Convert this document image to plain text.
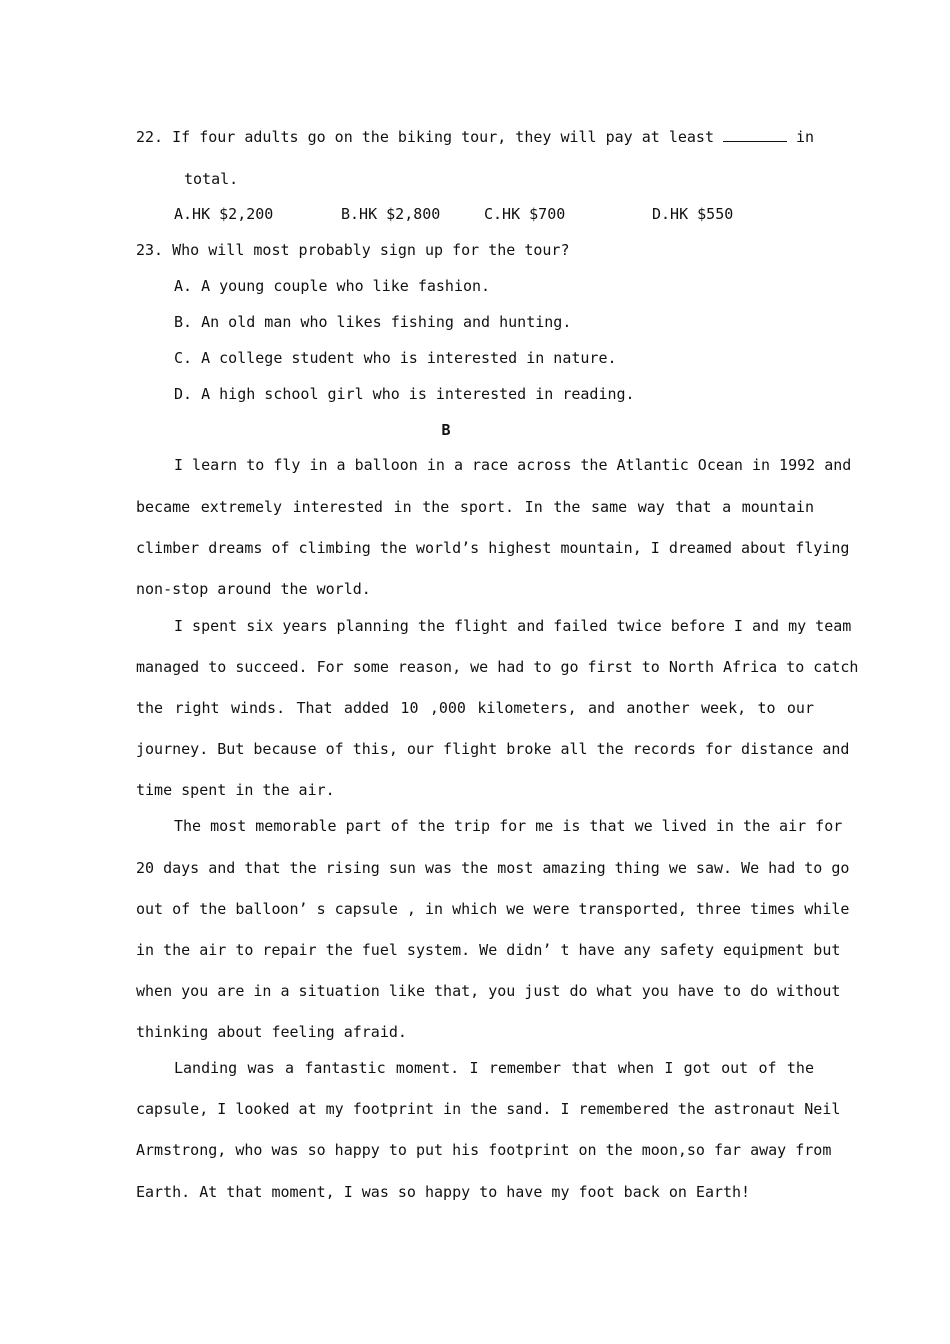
22. If four adults go on the biking tour, they will pay at least	in
total.
A.HK $2,200	B.HK $2,800	C.HK $700	D.HK $550
23. Who will most probably sign up for the tour?
A. A young couple who like fashion.
B. An old man who likes fishing and hunting.
C. A college student who is interested in nature.
D. A high school girl who is interested in reading.
B
I learn to fly in a balloon in a race across the Atlantic Ocean in 1992 and
became extremely interested in the sport. In the same way that a mountain
climber dreams of climbing the world’s highest mountain, I dreamed about flying
non-stop around the world.
I spent six years planning the flight and failed twice before I and my team
managed to succeed. For some reason, we had to go first to North Africa to catch
the right winds. That added 10 ,000 kilometers, and another week, to our
journey. But because of this, our flight broke all the records for distance and
time spent in the air.
The most memorable part of the trip for me is that we lived in the air for
20 days and that the rising sun was the most amazing thing we saw. We had to go
out of the balloon’ s capsule , in which we were transported, three times while
in the air to repair the fuel system. We didn’ t have any safety equipment but
when you are in a situation like that, you just do what you have to do without
thinking about feeling afraid.
Landing was a fantastic moment. I remember that when I got out of the
capsule, I looked at my footprint in the sand. I remembered the astronaut Neil
Armstrong, who was so happy to put his footprint on the moon,so far away from
Earth. At that moment, I was so happy to have my foot back on Earth!
